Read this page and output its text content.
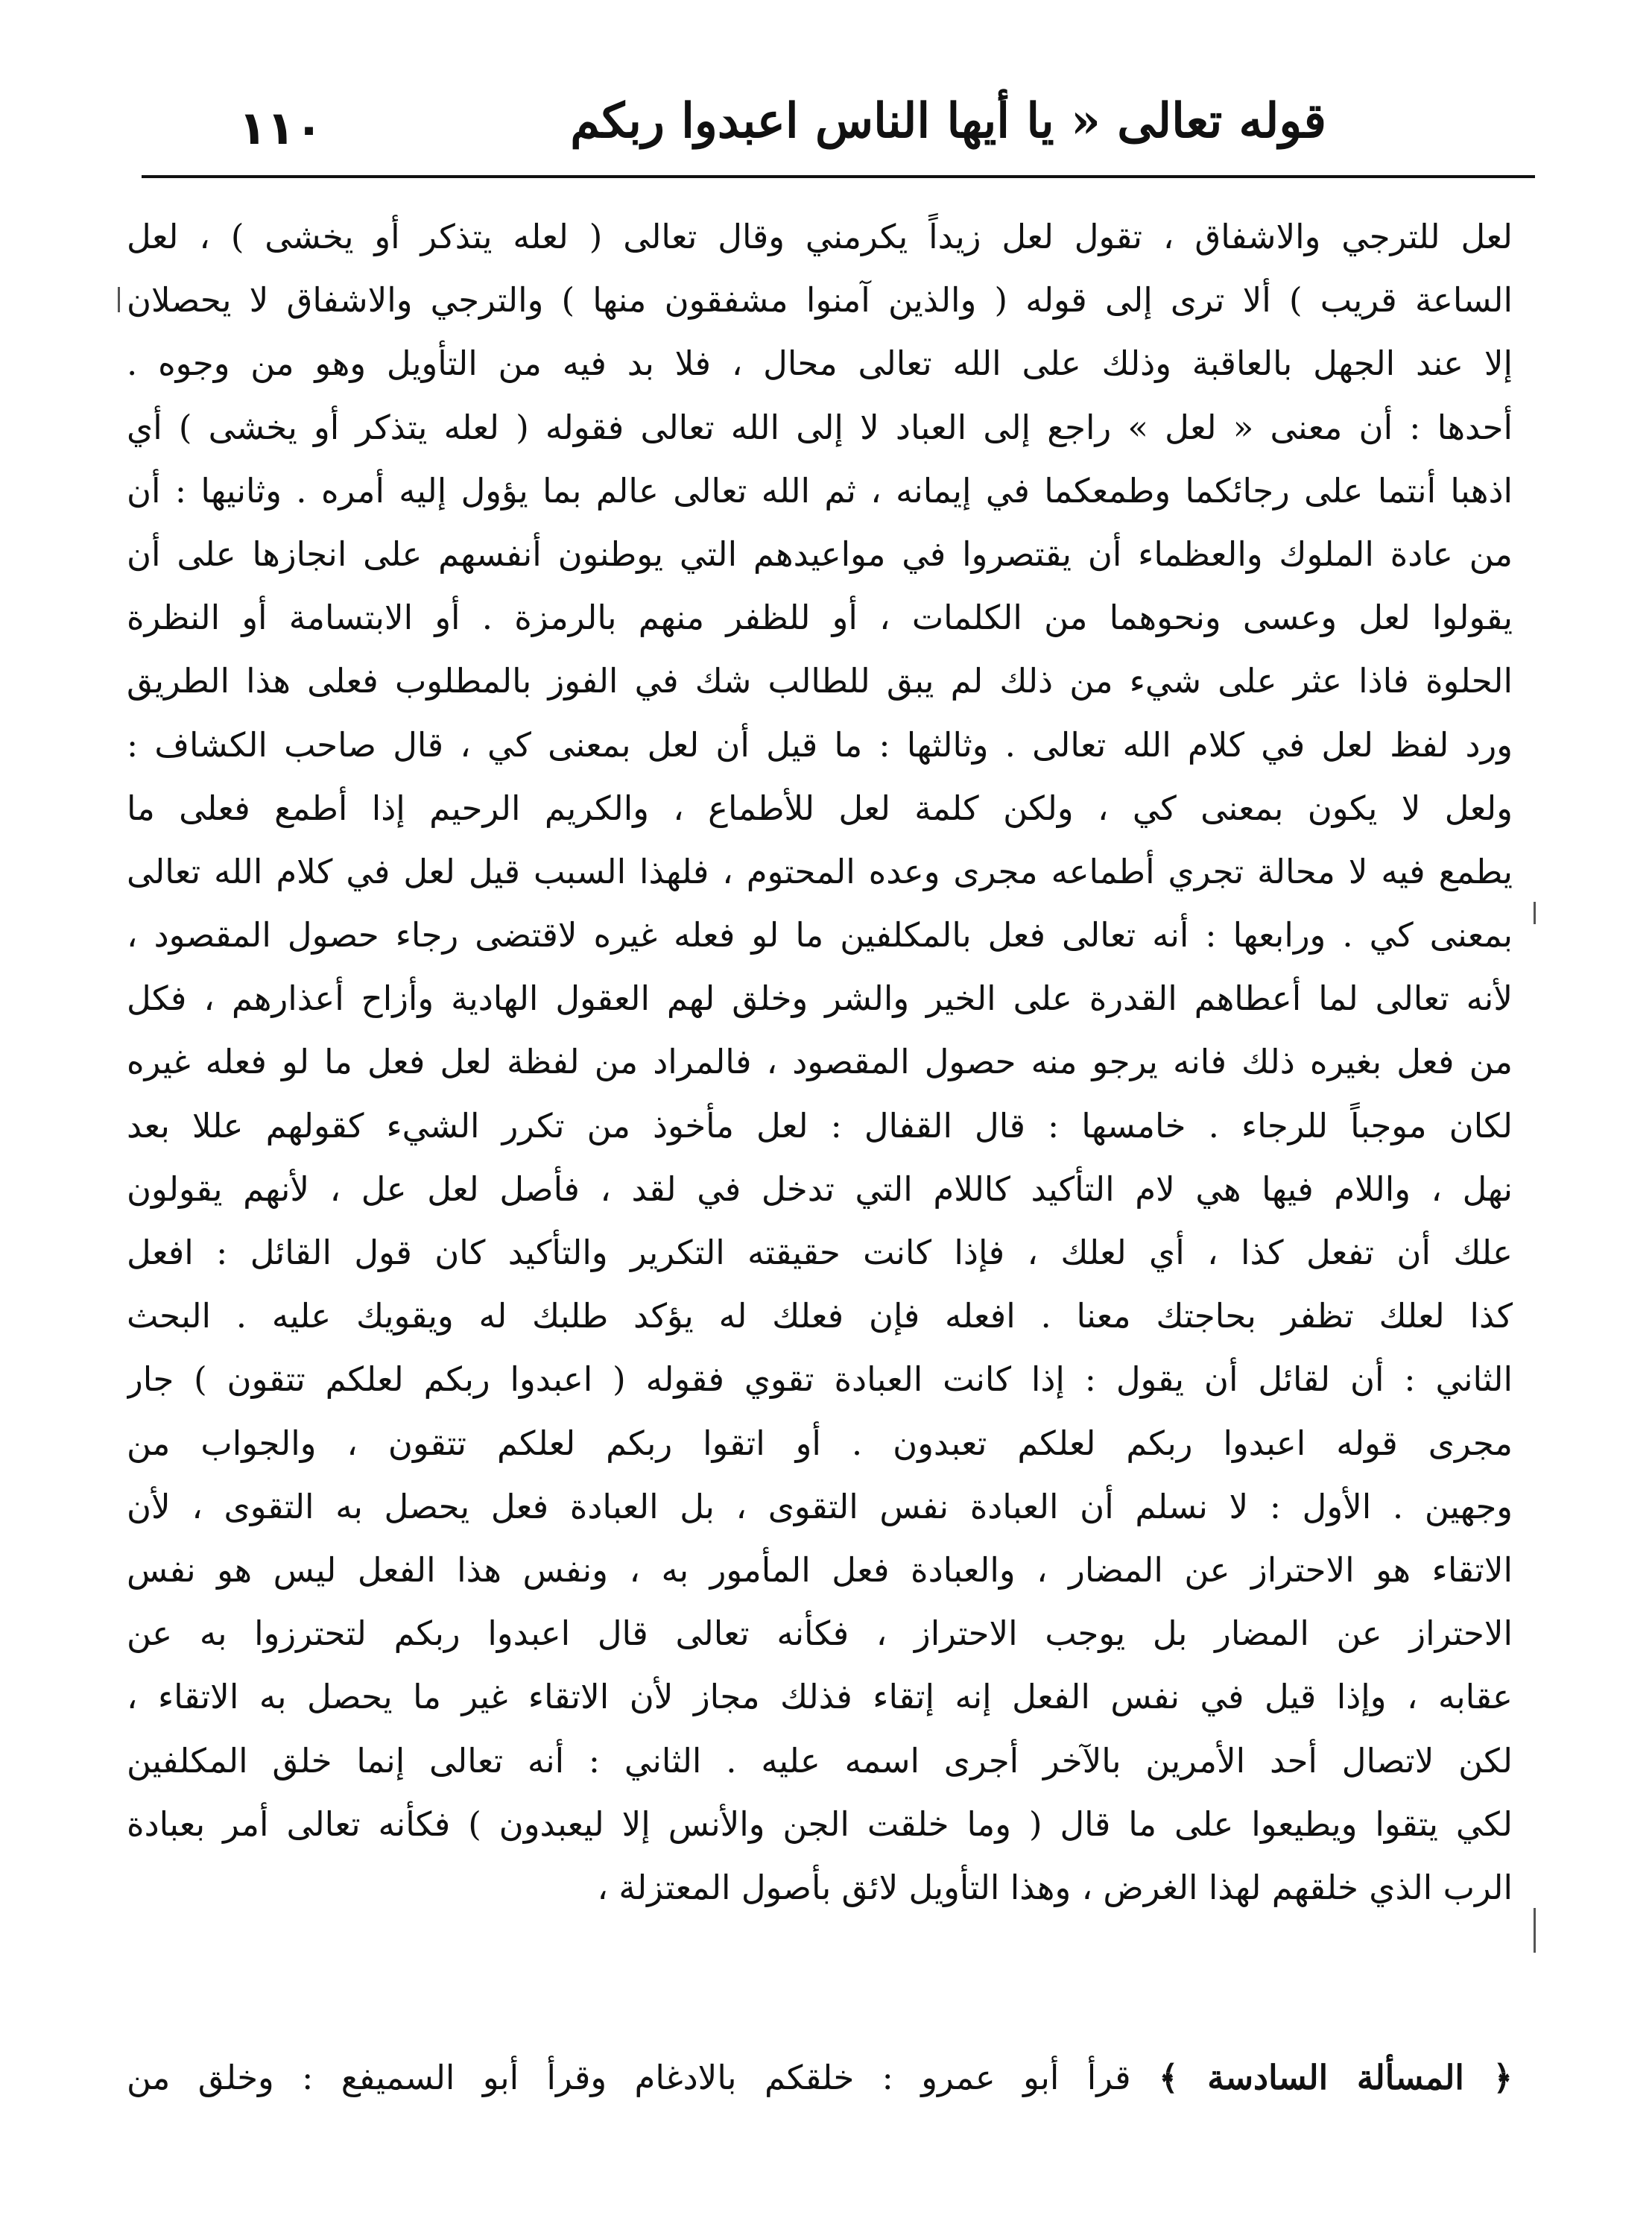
١١٠	قوله تعالى « يا أيها الناس اعبدوا ربكم
لعل للترجي والاشفاق ، تقول لعل زيداً يكرمني وقال تعالى ( لعله يتذكر أو يخشى ) ، لعل
الساعة قريب ) ألا ترى إلى قوله ( والذين آمنوا مشفقون منها ) والترجي والاشفاق لا يحصلان
إلا عند الجهل بالعاقبة وذلك على الله تعالى محال ، فلا بد فيه من التأويل وهو من وجوه .
أحدها : أن معنى « لعل » راجع إلى العباد لا إلى الله تعالى فقوله ( لعله يتذكر أو يخشى ) أي
اذهبا أنتما على رجائكما وطمعكما في إيمانه ، ثم الله تعالى عالم بما يؤول إليه أمره . وثانيها : أن
من عادة الملوك والعظماء أن يقتصروا في مواعيدهم التي يوطنون أنفسهم على انجازها على أن
يقولوا لعل وعسى ونحوهما من الكلمات ، أو للظفر منهم بالرمزة . أو الابتسامة أو النظرة
الحلوة فاذا عثر على شيء من ذلك لم يبق للطالب شك في الفوز بالمطلوب فعلى هذا الطريق
ورد لفظ لعل في كلام الله تعالى . وثالثها : ما قيل أن لعل بمعنى كي ، قال صاحب الكشاف :
ولعل لا يكون بمعنى كي ، ولكن كلمة لعل للأطماع ، والكريم الرحيم إذا أطمع فعلى ما
يطمع فيه لا محالة تجري أطماعه مجرى وعده المحتوم ، فلهذا السبب قيل لعل في كلام الله تعالى
بمعنى كي . ورابعها : أنه تعالى فعل بالمكلفين ما لو فعله غيره لاقتضى رجاء حصول المقصود ،
لأنه تعالى لما أعطاهم القدرة على الخير والشر وخلق لهم العقول الهادية وأزاح أعذارهم ، فكل
من فعل بغيره ذلك فانه يرجو منه حصول المقصود ، فالمراد من لفظة لعل فعل ما لو فعله غيره
لكان موجباً للرجاء . خامسها : قال القفال : لعل مأخوذ من تكرر الشيء كقولهم عللا بعد
نهل ، واللام فيها هي لام التأكيد كاللام التي تدخل في لقد ، فأصل لعل عل ، لأنهم يقولون
علك أن تفعل كذا ، أي لعلك ، فإذا كانت حقيقته التكرير والتأكيد كان قول القائل : افعل
كذا لعلك تظفر بحاجتك معنا . افعله فإن فعلك له يؤكد طلبك له ويقويك عليه . البحث
الثاني : أن لقائل أن يقول : إذا كانت العبادة تقوي فقوله ( اعبدوا ربكم لعلكم تتقون ) جار
مجرى قوله اعبدوا ربكم لعلكم تعبدون . أو اتقوا ربكم لعلكم تتقون ، والجواب من
وجهين . الأول : لا نسلم أن العبادة نفس التقوى ، بل العبادة فعل يحصل به التقوى ، لأن
الاتقاء هو الاحتراز عن المضار ، والعبادة فعل المأمور به ، ونفس هذا الفعل ليس هو نفس
الاحتراز عن المضار بل يوجب الاحتراز ، فكأنه تعالى قال اعبدوا ربكم لتحترزوا به عن
عقابه ، وإذا قيل في نفس الفعل إنه إتقاء فذلك مجاز لأن الاتقاء غير ما يحصل به الاتقاء ،
لكن لاتصال أحد الأمرين بالآخر أجرى اسمه عليه . الثاني : أنه تعالى إنما خلق المكلفين
لكي يتقوا ويطيعوا على ما قال ( وما خلقت الجن والأنس إلا ليعبدون ) فكأنه تعالى أمر بعبادة
الرب الذي خلقهم لهذا الغرض ، وهذا التأويل لائق بأصول المعتزلة ،
﴿ المسألة السادسة ﴾ قرأ أبو عمرو : خلقكم بالادغام وقرأ أبو السميفع : وخلق من
